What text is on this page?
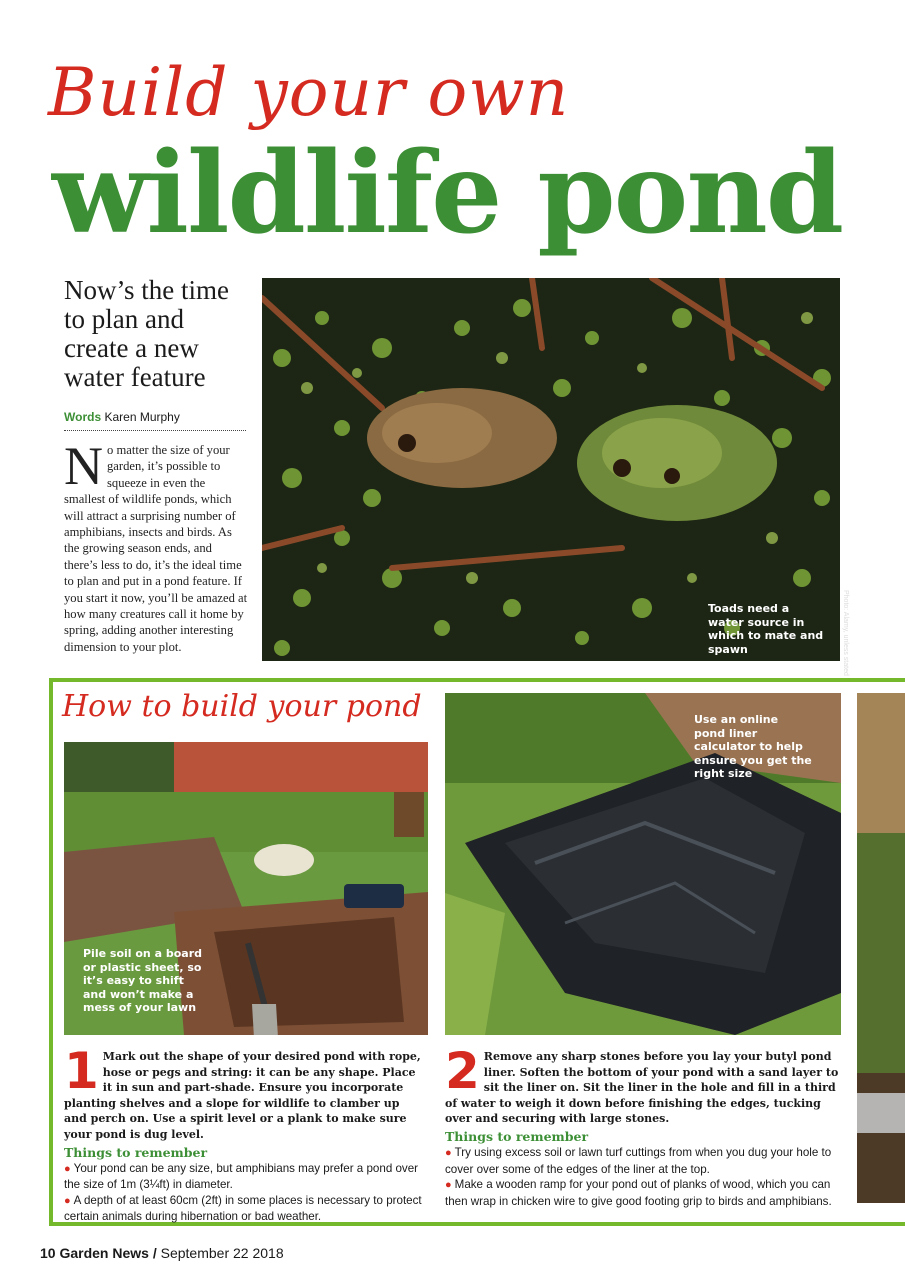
Build your own
wildlife pond
Now’s the time to plan and create a new water feature
Words Karen Murphy
No matter the size of your garden, it’s possible to squeeze in even the smallest of wildlife ponds, which will attract a surprising number of amphibians, insects and birds. As the growing season ends, and there’s less to do, it’s the ideal time to plan and put in a pond feature. If you start it now, you’ll be amazed at how many creatures call it home by spring, adding another interesting dimension to your plot.
Toads need a water source in which to mate and spawn	Photo: Alamy, unless stated
How to build your pond
Pile soil on a board or plastic sheet, so it’s easy to shift and won’t make a mess of your lawn
Use an online pond liner calculator to help ensure you get the right size
1 Mark out the shape of your desired pond with rope, hose or pegs and string: it can be any shape. Place it in sun and part-shade. Ensure you incorporate planting shelves and a slope for wildlife to clamber up and perch on. Use a spirit level or a plank to make sure your pond is dug level.
Things to remember
● Your pond can be any size, but amphibians may prefer a pond over the size of 1m (3¼ft) in diameter.
● A depth of at least 60cm (2ft) in some places is necessary to protect certain animals during hibernation or bad weather.
2 Remove any sharp stones before you lay your butyl pond liner. Soften the bottom of your pond with a sand layer to sit the liner on. Sit the liner in the hole and fill in a third of water to weigh it down before finishing the edges, tucking over and securing with large stones.
Things to remember
● Try using excess soil or lawn turf cuttings from when you dug your hole to cover over some of the edges of the liner at the top.
● Make a wooden ramp for your pond out of planks of wood, which you can then wrap in chicken wire to give good footing grip to birds and amphibians.
10 Garden News / September 22 2018
